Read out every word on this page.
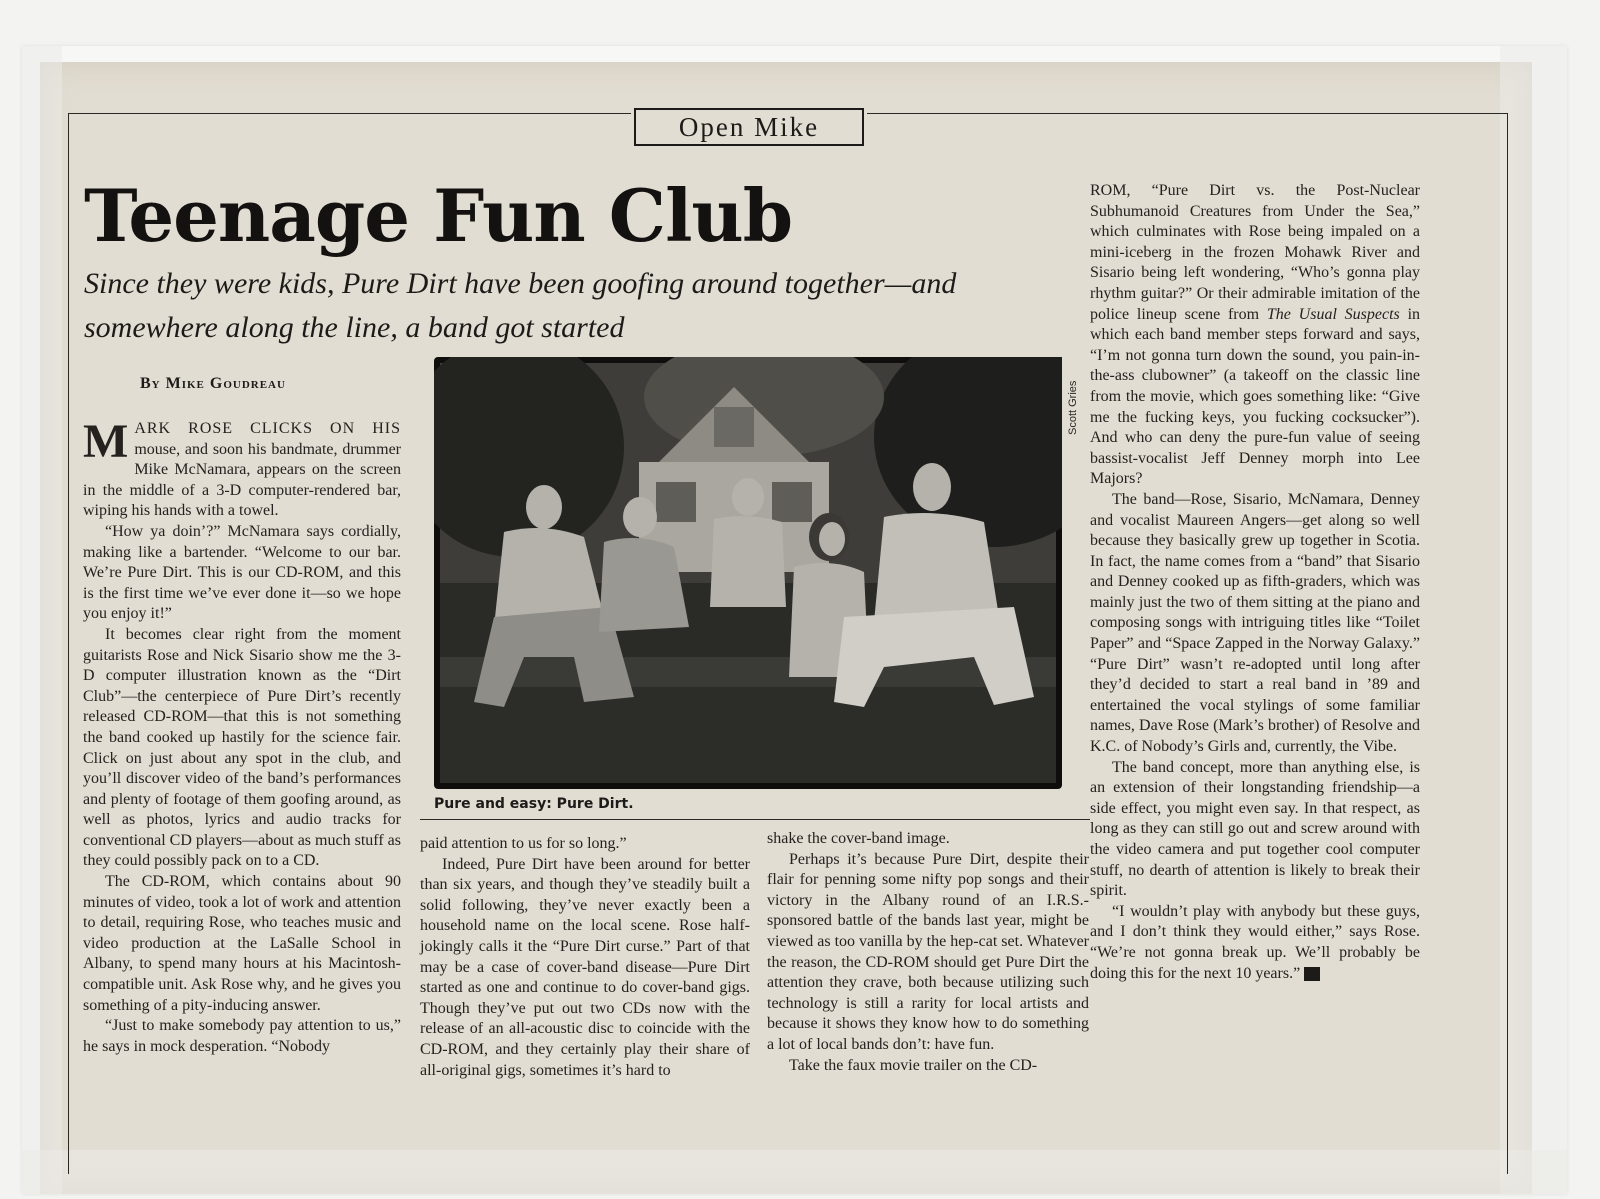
Open Mike
Teenage Fun Club
Since they were kids, Pure Dirt have been goofing around together—and somewhere along the line, a band got started
By Mike Goudreau

MARK ROSE CLICKS ON HIS mouse, and soon his bandmate, drummer Mike McNamara, appears on the screen in the middle of a 3-D computer-rendered bar, wiping his hands with a towel.

“How ya doin’?” McNamara says cordially, making like a bartender. “Welcome to our bar. We’re Pure Dirt. This is our CD-ROM, and this is the first time we’ve ever done it—so we hope you enjoy it!”

It becomes clear right from the moment guitarists Rose and Nick Sisario show me the 3-D computer illustration known as the “Dirt Club”—the centerpiece of Pure Dirt’s recently released CD-ROM—that this is not something the band cooked up hastily for the science fair. Click on just about any spot in the club, and you’ll discover video of the band’s performances and plenty of footage of them goofing around, as well as photos, lyrics and audio tracks for conventional CD players—about as much stuff as they could possibly pack on to a CD.

The CD-ROM, which contains about 90 minutes of video, took a lot of work and attention to detail, requiring Rose, who teaches music and video production at the LaSalle School in Albany, to spend many hours at his Macintosh-compatible unit. Ask Rose why, and he gives you something of a pity-inducing answer.

“Just to make somebody pay attention to us,” he says in mock desperation. “Nobody

Scott Gries
Pure and easy: Pure Dirt.

paid attention to us for so long.”

Indeed, Pure Dirt have been around for better than six years, and though they’ve steadily built a solid following, they’ve never exactly been a household name on the local scene. Rose half-jokingly calls it the “Pure Dirt curse.” Part of that may be a case of cover-band disease—Pure Dirt started as one and continue to do cover-band gigs. Though they’ve put out two CDs now with the release of an all-acoustic disc to coincide with the CD-ROM, and they certainly play their share of all-original gigs, sometimes it’s hard to

shake the cover-band image.

Perhaps it’s because Pure Dirt, despite their flair for penning some nifty pop songs and their victory in the Albany round of an I.R.S.-sponsored battle of the bands last year, might be viewed as too vanilla by the hep-cat set. Whatever the reason, the CD-ROM should get Pure Dirt the attention they crave, both because utilizing such technology is still a rarity for local artists and because it shows they know how to do something a lot of local bands don’t: have fun.

Take the faux movie trailer on the CD-

ROM, “Pure Dirt vs. the Post-Nuclear Subhumanoid Creatures from Under the Sea,” which culminates with Rose being impaled on a mini-iceberg in the frozen Mohawk River and Sisario being left wondering, “Who’s gonna play rhythm guitar?” Or their admirable imitation of the police lineup scene from The Usual Suspects in which each band member steps forward and says, “I’m not gonna turn down the sound, you pain-in-the-ass clubowner” (a takeoff on the classic line from the movie, which goes something like: “Give me the fucking keys, you fucking cocksucker”). And who can deny the pure-fun value of seeing bassist-vocalist Jeff Denney morph into Lee Majors?

The band—Rose, Sisario, McNamara, Denney and vocalist Maureen Angers—get along so well because they basically grew up together in Scotia. In fact, the name comes from a “band” that Sisario and Denney cooked up as fifth-graders, which was mainly just the two of them sitting at the piano and composing songs with intriguing titles like “Toilet Paper” and “Space Zapped in the Norway Galaxy.” “Pure Dirt” wasn’t re-adopted until long after they’d decided to start a real band in ’89 and entertained the vocal stylings of some familiar names, Dave Rose (Mark’s brother) of Resolve and K.C. of Nobody’s Girls and, currently, the Vibe.

The band concept, more than anything else, is an extension of their longstanding friendship—a side effect, you might even say. In that respect, as long as they can still go out and screw around with the video camera and put together cool computer stuff, no dearth of attention is likely to break their spirit.

“I wouldn’t play with anybody but these guys, and I don’t think they would either,” says Rose. “We’re not gonna break up. We’ll probably be doing this for the next 10 years.” M
